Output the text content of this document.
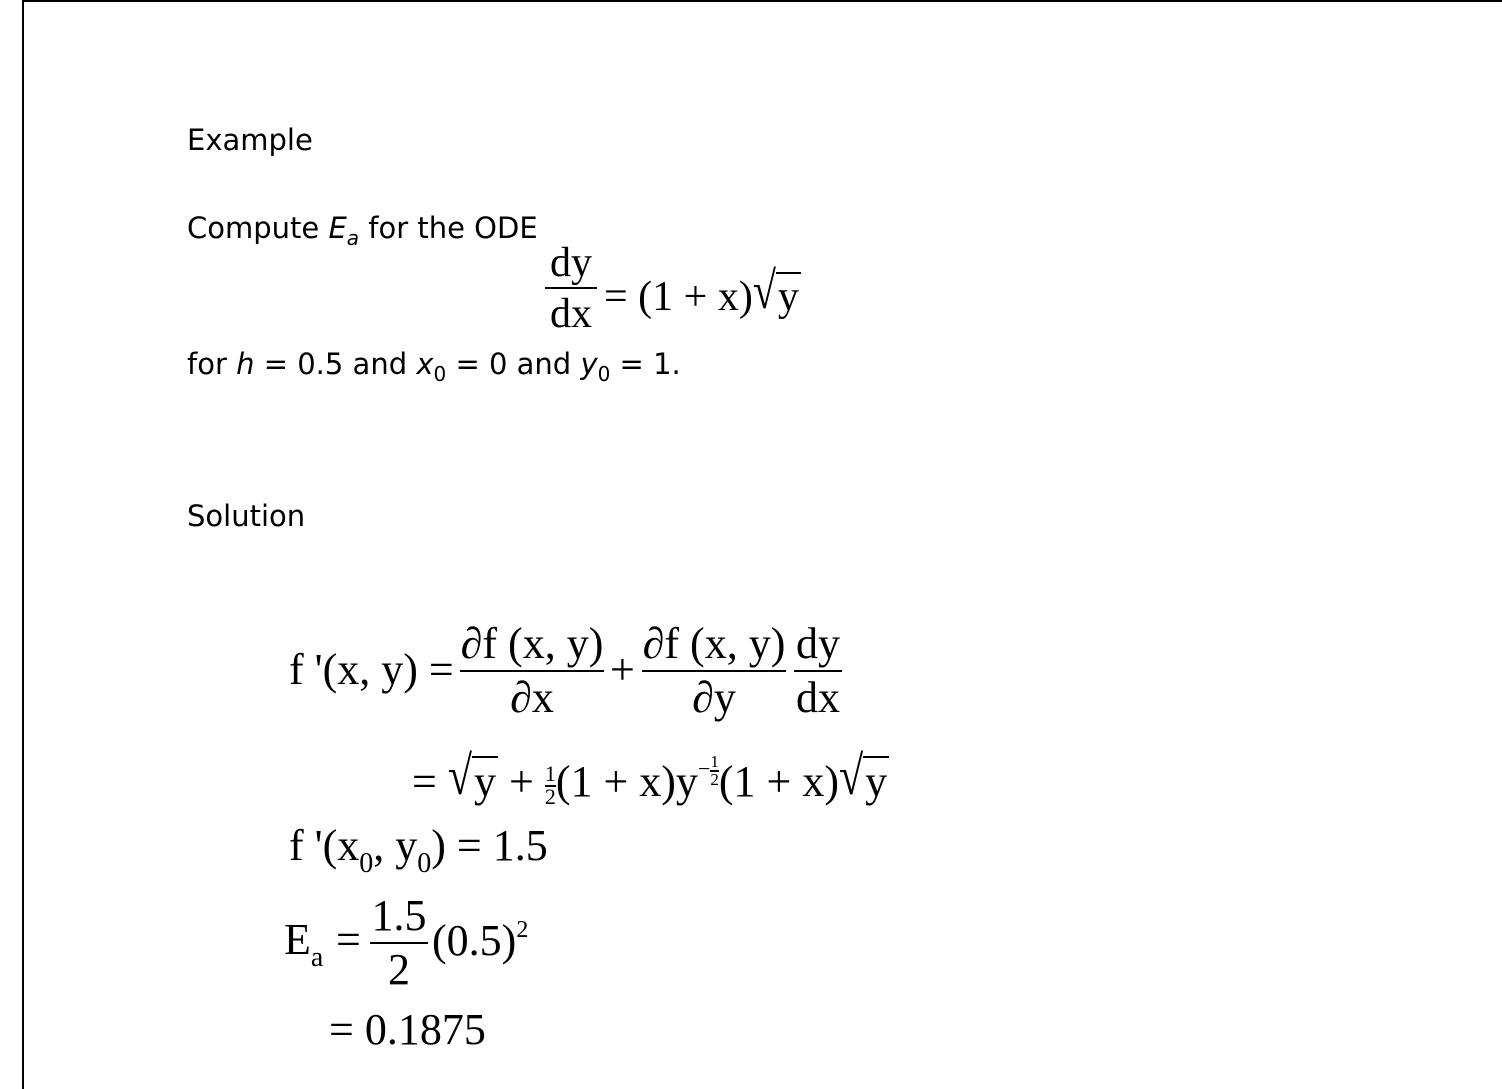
Example
Compute $E_a$ for the ODE
dy
dx = (1 + x)√y
for h = 0.5 and $x_0 = 0$ and $y_0 = 1$.
Solution
f '(x, y) =
∂f (x, y)
∂x
+
∂f (x, y)
∂y
dy
dx
= $√y + \frac{1}{2}(1 + x)y^{-\frac{1}{2}}(1 + x)√y$
f '($x_0$, $y_0) = 1.5$
$E_a = 1.5$
2
$(0.5)^2$
= 0.1875
